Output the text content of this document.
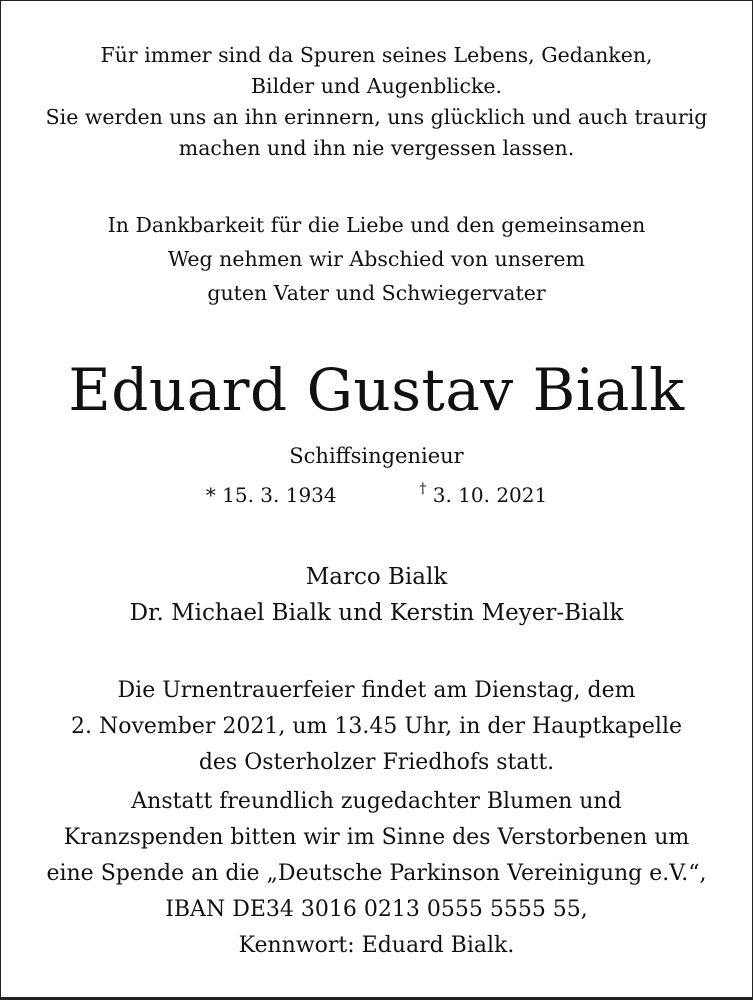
Für immer sind da Spuren seines Lebens, Gedanken,
Bilder und Augenblicke.
Sie werden uns an ihn erinnern, uns glücklich und auch traurig
machen und ihn nie vergessen lassen.
In Dankbarkeit für die Liebe und den gemeinsamen
Weg nehmen wir Abschied von unserem
guten Vater und Schwiegervater
Eduard Gustav Bialk
Schiffsingenieur
* 15. 3. 1934	† 3. 10. 2021
Marco Bialk
Dr. Michael Bialk und Kerstin Meyer-Bialk
Die Urnentrauerfeier findet am Dienstag, dem
2. November 2021, um 13.45 Uhr, in der Hauptkapelle
des Osterholzer Friedhofs statt.
Anstatt freundlich zugedachter Blumen und
Kranzspenden bitten wir im Sinne des Verstorbenen um
eine Spende an die „Deutsche Parkinson Vereinigung e.V.“,
IBAN DE34 3016 0213 0555 5555 55,
Kennwort: Eduard Bialk.
